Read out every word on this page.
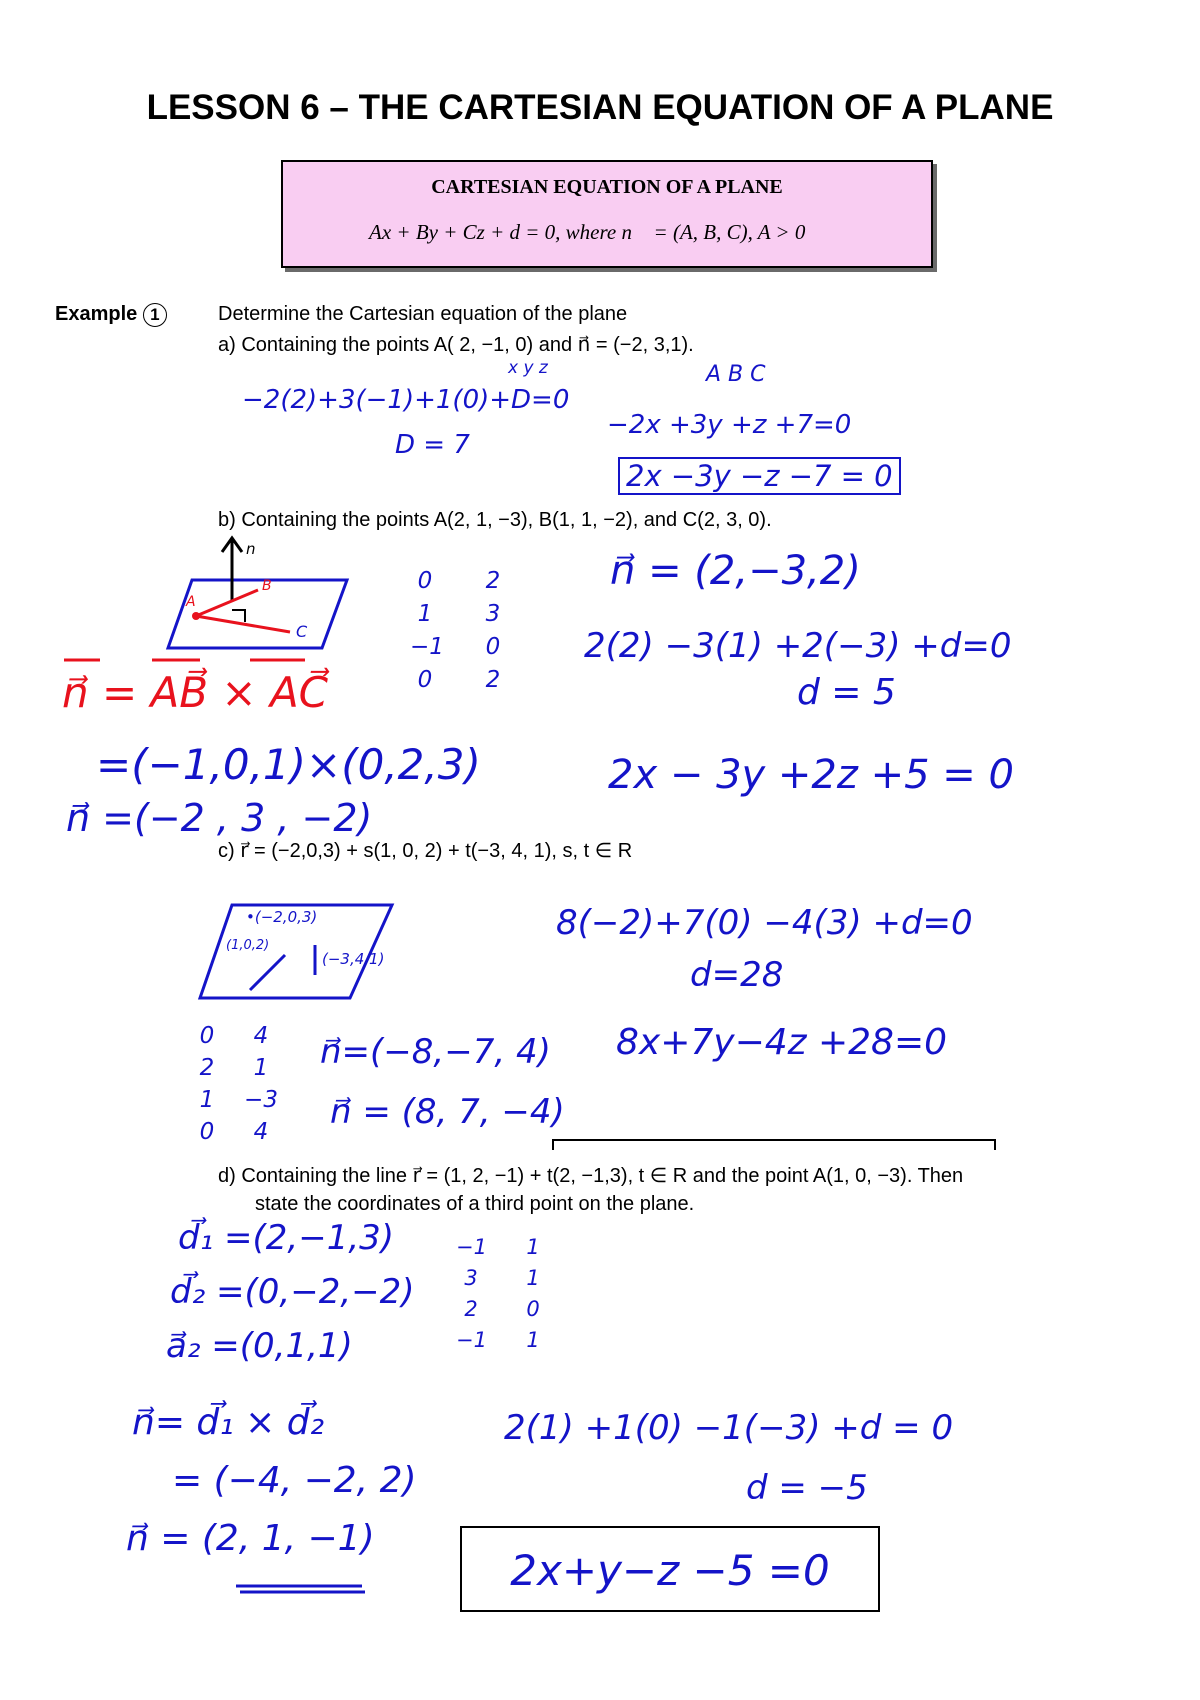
LESSON 6 – THE CARTESIAN EQUATION OF A PLANE
CARTESIAN EQUATION OF A PLANE
Ax + By + Cz + d = 0, where n⃗ = (A, B, C), A > 0
Example 1	Determine the Cartesian equation of the plane
a) Containing the points A( 2, −1, 0) and n⃗ = (−2, 3,1).
b) Containing the points A(2, 1, −3), B(1, 1, −2), and C(2, 3, 0).
c) r⃗ = (−2,0,3) + s(1, 0, 2) + t(−3, 4, 1), s, t ∈ R
d) Containing the line r⃗ = (1, 2, −1) + t(2, −1,3), t ∈ R and the point A(1, 0, −3). Then
state the coordinates of a third point on the plane.
x y z	A B C
−2(2)+3(−1)+1(0)+D=0
D = 7
−2x +3y +z +7=0
2x −3y −z −7 = 0
n
A
B
C
0
1
−1
0
2
3
0
2
n⃗ = AB⃗ × AC⃗
=(−1,0,1)×(0,2,3)
n⃗ =(−2 , 3 , −2)
n⃗ = (2,−3,2)
2(2) −3(1) +2(−3) +d=0
d = 5
2x − 3y +2z +5 = 0
•(−2,0,3)
(1,0,2)
(−3,4,1)
0
2
1
0
4
1
−3
4
n⃗=(−8,−7, 4)
n⃗ = (8, 7, −4)
8(−2)+7(0) −4(3) +d=0
d=28
8x+7y−4z +28=0
d⃗₁ =(2,−1,3)
d⃗₂ =(0,−2,−2)
a⃗₂ =(0,1,1)
−1
3
2
−1
1
1
0
1
n⃗= d⃗₁ × d⃗₂
= (−4, −2, 2)
n⃗ = (2, 1, −1)
2(1) +1(0) −1(−3) +d = 0
d = −5
2x+y−z −5 =0
